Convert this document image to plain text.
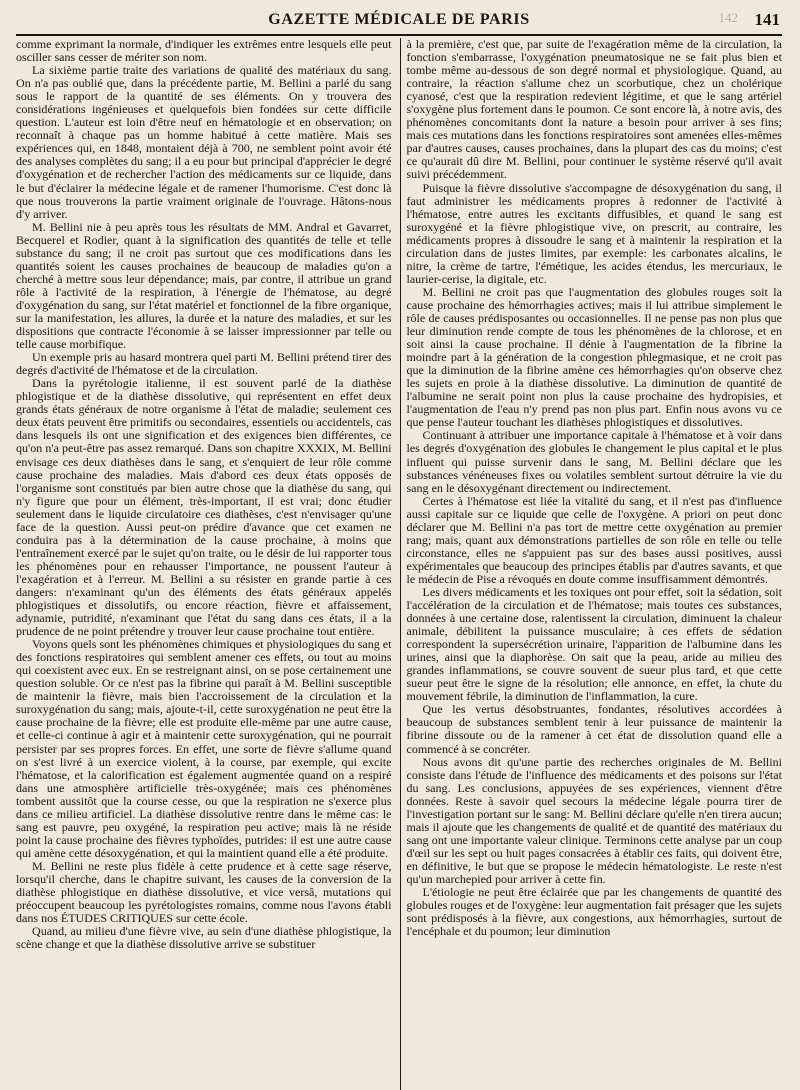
142
GAZETTE MÉDICALE DE PARIS	141

comme exprimant la normale, d'indiquer les extrêmes entre lesquels elle peut osciller sans cesser de mériter son nom.

La sixième partie traite des variations de qualité des matériaux du sang. On n'a pas oublié que, dans la précédente partie, M. Bellini a parlé du sang sous le rapport de la quantité de ses éléments. On y trouvera des considérations ingénieuses et quelquefois bien fondées sur cette difficile question. L'auteur est loin d'être neuf en hématologie et en observation; on reconnaît à chaque pas un homme habitué à cette matière. Mais ses expériences qui, en 1848, montaient déjà à 700, ne semblent point avoir été des analyses complètes du sang; il a eu pour but principal d'apprécier le degré d'oxygénation et de rechercher l'action des médicaments sur ce liquide, dans le but d'éclairer la médecine légale et de ramener l'humorisme. C'est donc là que nous trouverons la partie vraiment originale de l'ouvrage. Hâtons-nous d'y arriver.

M. Bellini nie à peu après tous les résultats de MM. Andral et Gavarret, Becquerel et Rodier, quant à la signification des quantités de telle et telle substance du sang; il ne croit pas surtout que ces modifications dans les quantités soient les causes prochaines de beaucoup de maladies qu'on a cherché à mettre sous leur dépendance; mais, par contre, il attribue un grand rôle à l'activité de la respiration, à l'énergie de l'hématose, au degré d'oxygénation du sang, sur l'état matériel et fonctionnel de la fibre organique, sur la manifestation, les allures, la durée et la nature des maladies, et sur les dispositions que contracte l'économie à se laisser impressionner par telle ou telle cause morbifique.

Un exemple pris au hasard montrera quel parti M. Bellini prétend tirer des degrés d'activité de l'hématose et de la circulation.

Dans la pyrétologie italienne, il est souvent parlé de la diathèse phlogistique et de la diathèse dissolutive, qui représentent en effet deux grands états généraux de notre organisme à l'état de maladie; seulement ces deux états peuvent être primitifs ou secondaires, essentiels ou accidentels, cas dans lesquels ils ont une signification et des exigences bien différentes, ce qu'on n'a peut-être pas assez remarqué. Dans son chapitre XXXIX, M. Bellini envisage ces deux diathèses dans le sang, et s'enquiert de leur rôle comme cause prochaine des maladies. Mais d'abord ces deux états opposés de l'organisme sont constitués par bien autre chose que la diathèse du sang, qui n'y figure que pour un élément, très-important, il est vrai; donc étudier seulement dans le liquide circulatoire ces diathèses, c'est n'envisager qu'une face de la question. Aussi peut-on prédire d'avance que cet examen ne conduira pas à la détermination de la cause prochaine, à moins que l'entraînement exercé par le sujet qu'on traite, ou le désir de lui rapporter tous les phénomènes pour en rehausser l'importance, ne poussent l'auteur à l'exagération et à l'erreur. M. Bellini a su résister en grande partie à ces dangers: n'examinant qu'un des éléments des états généraux appelés phlogistiques et dissolutifs, ou encore réaction, fièvre et affaissement, adynamie, putridité, n'examinant que l'état du sang dans ces états, il a la prudence de ne point prétendre y trouver leur cause prochaine tout entière.

Voyons quels sont les phénomènes chimiques et physiologiques du sang et des fonctions respiratoires qui semblent amener ces effets, ou tout au moins qui coexistent avec eux. En se restreignant ainsi, on se pose certainement une question soluble. Or ce n'est pas la fibrine qui paraît à M. Bellini susceptible de maintenir la fièvre, mais bien l'accroissement de la circulation et la suroxygénation du sang; mais, ajoute-t-il, cette suroxygénation ne peut être la cause prochaine de la fièvre; elle est produite elle-même par une autre cause, et celle-ci continue à agir et à maintenir cette suroxygénation, qui ne pourrait persister par ses propres forces. En effet, une sorte de fièvre s'allume quand on s'est livré à un exercice violent, à la course, par exemple, qui excite l'hématose, et la calorification est également augmentée quand on a respiré dans une atmosphère artificielle très-oxygénée; mais ces phénomènes tombent aussitôt que la course cesse, ou que la respiration ne s'exerce plus dans ce milieu artificiel. La diathèse dissolutive rentre dans le même cas: le sang est pauvre, peu oxygéné, la respiration peu active; mais là ne réside point la cause prochaine des fièvres typhoïdes, putrides: il est une autre cause qui amène cette désoxygénation, et qui la maintient quand elle a été produite.

M. Bellini ne reste plus fidèle à cette prudence et à cette sage réserve, lorsqu'il cherche, dans le chapitre suivant, les causes de la conversion de la diathèse phlogistique en diathèse dissolutive, et vice versâ, mutations qui préoccupent beaucoup les pyrétologistes romains, comme nous l'avons établi dans nos ÉTUDES CRITIQUES sur cette école.

Quand, au milieu d'une fièvre vive, au sein d'une diathèse phlogistique, la scène change et que la diathèse dissolutive arrive se substituer

à la première, c'est que, par suite de l'exagération même de la circulation, la fonction s'embarrasse, l'oxygénation pneumatosique ne se fait plus bien et tombe même au-dessous de son degré normal et physiologique. Quand, au contraire, la réaction s'allume chez un scorbutique, chez un cholérique cyanosé, c'est que la respiration redevient légitime, et que le sang artériel s'oxygène plus fortement dans le poumon. Ce sont encore là, à notre avis, des phénomènes concomitants dont la nature a besoin pour arriver à ses fins; mais ces mutations dans les fonctions respiratoires sont amenées elles-mêmes par d'autres causes, causes prochaines, dans la plupart des cas du moins; c'est ce qu'aurait dû dire M. Bellini, pour continuer le système réservé qu'il avait suivi précédemment.

Puisque la fièvre dissolutive s'accompagne de désoxygénation du sang, il faut administrer les médicaments propres à redonner de l'activité à l'hématose, entre autres les excitants diffusibles, et quand le sang est suroxygéné et la fièvre phlogistique vive, on prescrit, au contraire, les médicaments propres à dissoudre le sang et à maintenir la respiration et la circulation dans de justes limites, par exemple: les carbonates alcalins, le nitre, la crème de tartre, l'émétique, les acides étendus, les mercuriaux, le laurier-cerise, la digitale, etc.

M. Bellini ne croit pas que l'augmentation des globules rouges soit la cause prochaine des hémorrhagies actives; mais il lui attribue simplement le rôle de causes prédisposantes ou occasionnelles. Il ne pense pas non plus que leur diminution rende compte de tous les phénomènes de la chlorose, et en soit ainsi la cause prochaine. Il dénie à l'augmentation de la fibrine la moindre part à la génération de la congestion phlegmasique, et ne croit pas que la diminution de la fibrine amène ces hémorrhagies qu'on observe chez les sujets en proie à la diathèse dissolutive. La diminution de quantité de l'albumine ne serait point non plus la cause prochaine des hydropisies, et l'augmentation de l'eau n'y prend pas non plus part. Enfin nous avons vu ce que pense l'auteur touchant les diathèses phlogistiques et dissolutives.

Continuant à attribuer une importance capitale à l'hématose et à voir dans les degrés d'oxygénation des globules le changement le plus capital et le plus influent qui puisse survenir dans le sang, M. Bellini déclare que les substances vénéneuses fixes ou volatiles semblent surtout détruire la vie du sang en le désoxygénant directement ou indirectement.

Certes à l'hématose est liée la vitalité du sang, et il n'est pas d'influence aussi capitale sur ce liquide que celle de l'oxygène. A priori on peut donc déclarer que M. Bellini n'a pas tort de mettre cette oxygénation au premier rang; mais, quant aux démonstrations partielles de son rôle en telle ou telle circonstance, elles ne s'appuient pas sur des bases aussi positives, aussi expérimentales que beaucoup des principes établis par d'autres savants, et que le médecin de Pise a révoqués en doute comme insuffisamment démontrés.

Les divers médicaments et les toxiques ont pour effet, soit la sédation, soit l'accélération de la circulation et de l'hématose; mais toutes ces substances, données à une certaine dose, ralentissent la circulation, diminuent la chaleur animale, débilitent la puissance musculaire; à ces effets de sédation correspondent la supersécrétion urinaire, l'apparition de l'albumine dans les urines, ainsi que la diaphorèse. On sait que la peau, aride au milieu des grandes inflammations, se couvre souvent de sueur plus tard, et que cette sueur peut être le signe de la résolution; elle annonce, en effet, la chute du mouvement fébrile, la diminution de l'inflammation, la cure.

Que les vertus désobstruantes, fondantes, résolutives accordées à beaucoup de substances semblent tenir à leur puissance de maintenir la fibrine dissoute ou de la ramener à cet état de dissolution quand elle a commencé à se concréter.

Nous avons dit qu'une partie des recherches originales de M. Bellini consiste dans l'étude de l'influence des médicaments et des poisons sur l'état du sang. Les conclusions, appuyées de ses expériences, viennent d'être données. Reste à savoir quel secours la médecine légale pourra tirer de l'investigation portant sur le sang: M. Bellini déclare qu'elle n'en tirera aucun; mais il ajoute que les changements de qualité et de quantité des matériaux du sang ont une importante valeur clinique. Terminons cette analyse par un coup d'œil sur les sept ou huit pages consacrées à établir ces faits, qui doivent être, en définitive, le but que se propose le médecin hématologiste. Le reste n'est qu'un marchepied pour arriver à cette fin.

L'étiologie ne peut être éclairée que par les changements de quantité des globules rouges et de l'oxygène: leur augmentation fait présager que les sujets sont prédisposés à la fièvre, aux congestions, aux hémorrhagies, surtout de l'encéphale et du poumon; leur diminution
